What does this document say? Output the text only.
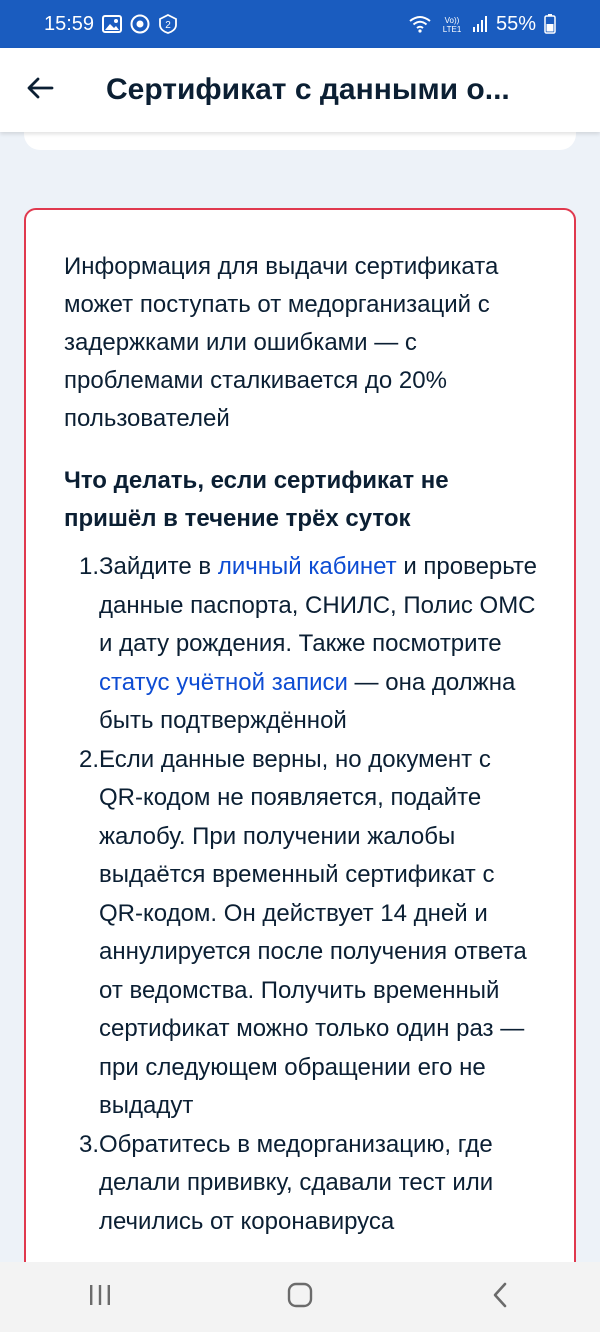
15:59	2	Vo))
LTE1 55%
Сертификат с данными о...

Информация для выдачи сертификата может поступать от медорганизаций с задержками или ошибками — с проблемами сталкивается до 20% пользователей

Что делать, если сертификат не пришёл в течение трёх суток
1. Зайдите в личный кабинет и проверьте данные паспорта, СНИЛС, Полис ОМС и дату рождения. Также посмотрите статус учётной записи — она должна быть подтверждённой
2. Если данные верны, но документ с QR-кодом не появляется, подайте жалобу. При получении жалобы выдаётся временный сертификат с QR-кодом. Он действует 14 дней и аннулируется после получения ответа от ведомства. Получить временный сертификат можно только один раз — при следующем обращении его не выдадут
3. Обратитесь в медорганизацию, где делали прививку, сдавали тест или лечились от коронавируса
